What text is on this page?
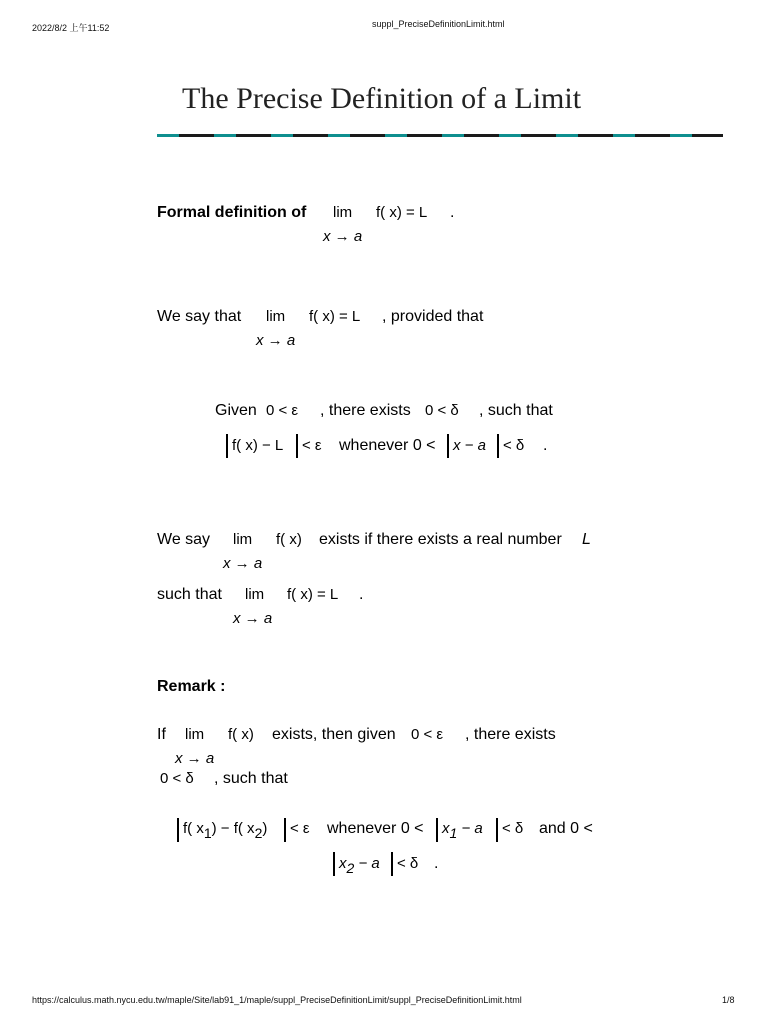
2022/8/2 上午11:52	suppl_PreciseDefinitionLimit.html
The Precise Definition of a Limit
Formal definition of lim f( x) = L .
x → a
We say that lim f( x) = L , provided that
x → a
Given 0 < ε , there exists 0 < δ , such that
f( x) − L < ε whenever 0 < x − a < δ .
We say lim f( x) exists if there exists a real number L
x → a
such that lim f( x) = L .
x → a
Remark :
If lim f( x) exists, then given 0 < ε , there exists
x → a
0 < δ , such that
f( x1) − f( x2) < ε whenever 0 < x1 − a < δ and 0 <
x2 − a < δ .
https://calculus.math.nycu.edu.tw/maple/Site/lab91_1/maple/suppl_PreciseDefinitionLimit/suppl_PreciseDefinitionLimit.html	1/8
